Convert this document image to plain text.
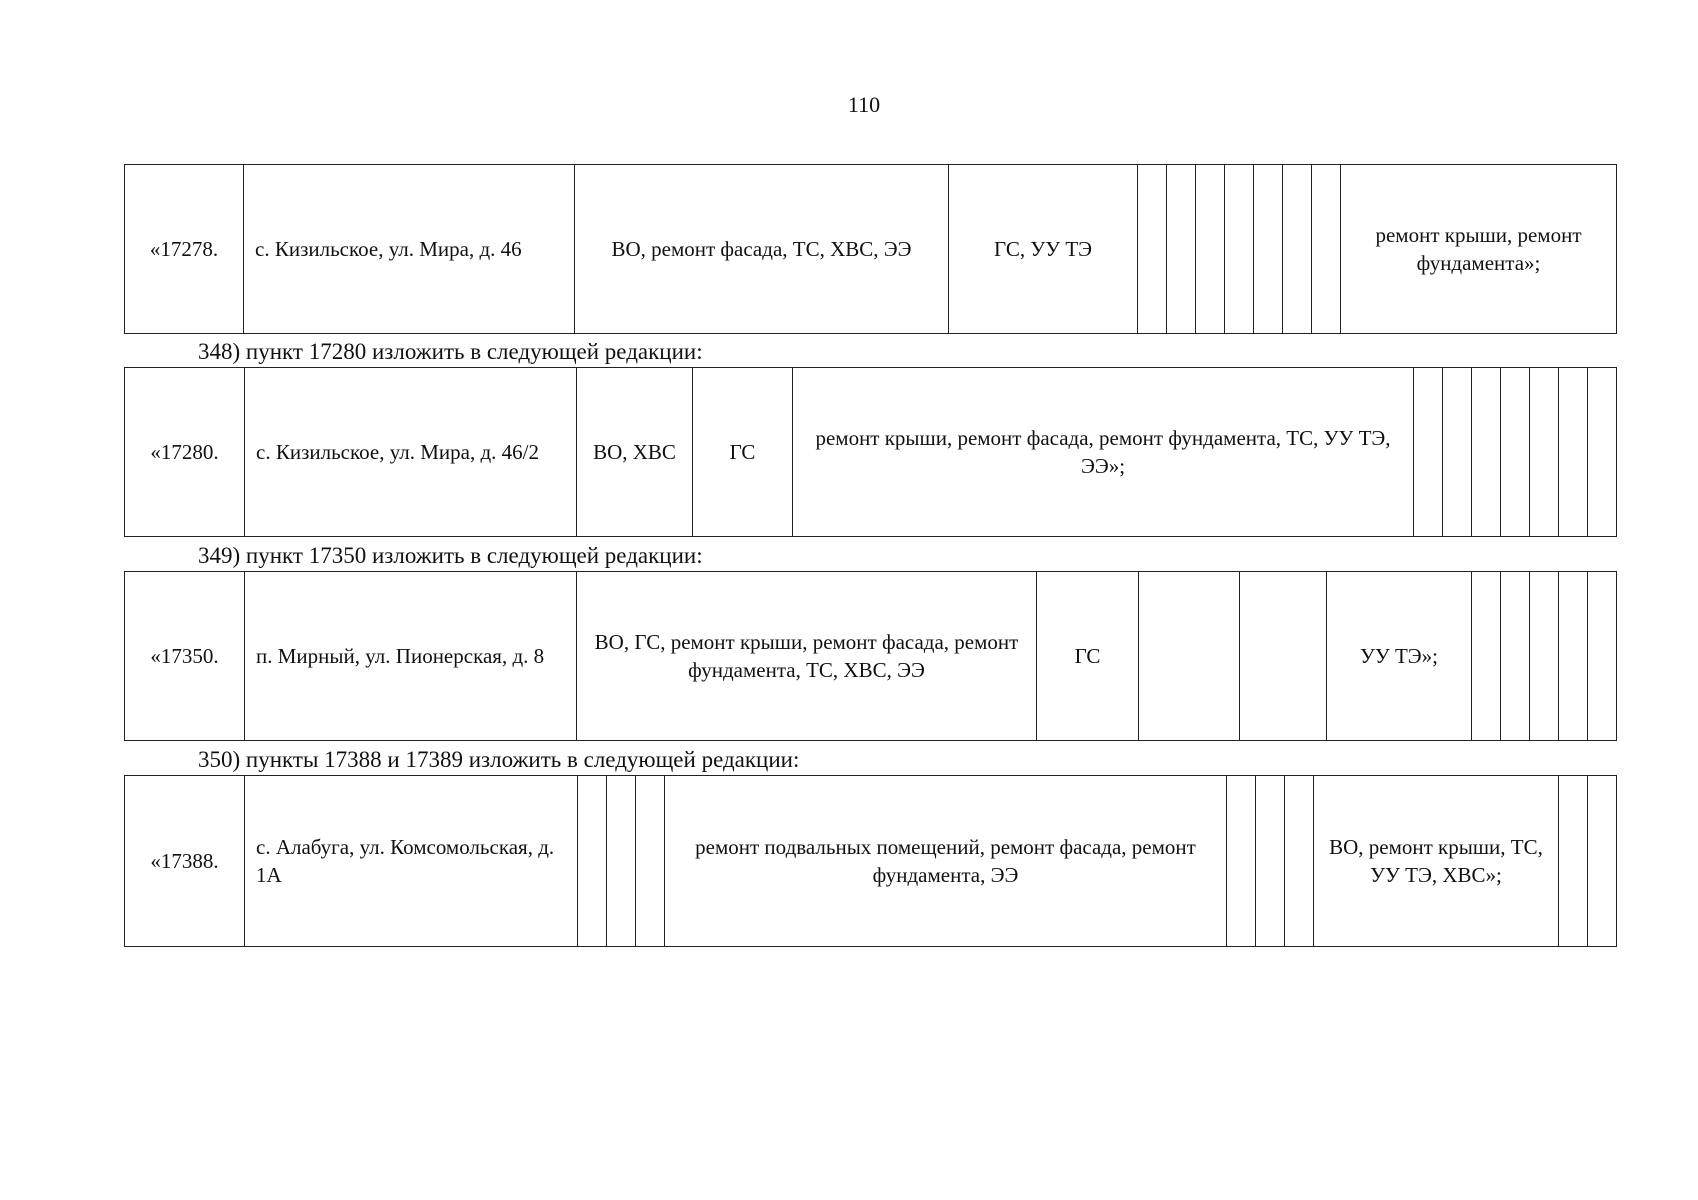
110
«17278.	с. Кизильское, ул. Мира, д. 46	ВО, ремонт фасада, ТС, ХВС, ЭЭ	ГС, УУ ТЭ								ремонт крыши, ремонт фундамента»;
348) пункт 17280 изложить в следующей редакции:
«17280.	с. Кизильское, ул. Мира, д. 46/2	ВО, ХВС	ГС	ремонт крыши, ремонт фасада, ремонт фундамента, ТС, УУ ТЭ, ЭЭ»;							
349) пункт 17350 изложить в следующей редакции:
«17350.	п. Мирный, ул. Пионерская, д. 8	ВО, ГС, ремонт крыши, ремонт фасада, ремонт фундамента, ТС, ХВС, ЭЭ	ГС			УУ ТЭ»;					
350) пункты 17388 и 17389 изложить в следующей редакции:
«17388.	с. Алабуга, ул. Комсомольская, д. 1А				ремонт подвальных помещений, ремонт фасада, ремонт фундамента, ЭЭ				ВО, ремонт крыши, ТС, УУ ТЭ, ХВС»;		
